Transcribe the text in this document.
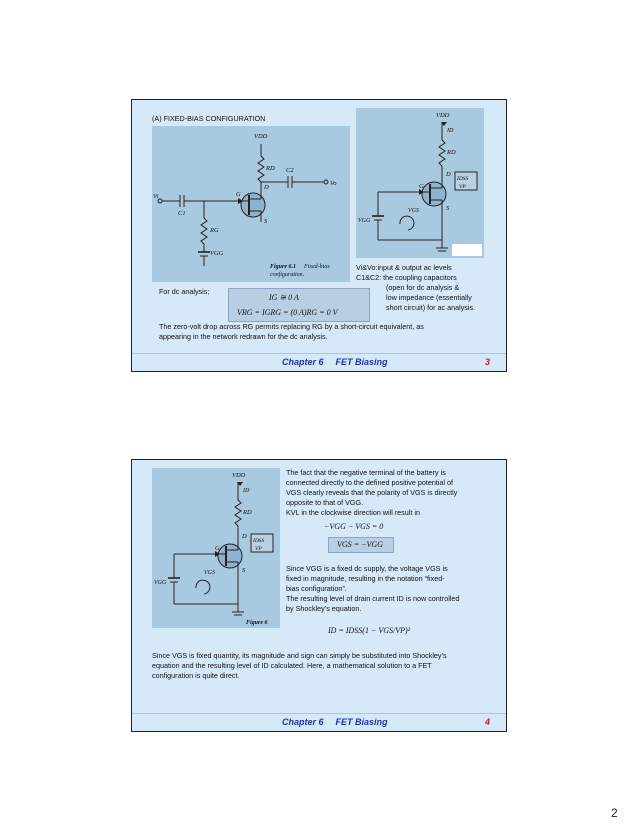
(A) FIXED-BIAS CONFIGURATION
VDD
RD
D
C2
Vo
Vi
C1
G
S
RG
VGG
Figure 6.1 Fixed-bias
configuration.
VDD
ID
RD
D
G
S
VGS
VGG
IDSS
VP
Vi&Vo:input & output ac levels
C1&C2: the coupling capacitors
(open for dc analysis &
low impedance (essentially
short circuit) for ac analysis.
For dc analysis;
IG ≅ 0 A
VRG = IGRG = (0 A)RG = 0 V
The zero-volt drop across RG permits replacing RG by a short-circuit equivalent, as
appearing in the network redrawn for the dc analysis.
Chapter 6 FET Biasing	3
VDD
ID
RD
D
G
S
VGS
VGG
IDSS
VP
Figure 6
The fact that the negative terminal of the battery is
connected directly to the defined positive potential of
VGS clearly reveals that the polarity of VGS is directly
opposite to that of VGG.
KVL in the clockwise direction will result in
−VGG − VGS = 0
VGS = −VGG
Since VGG is a fixed dc supply, the voltage VGS is
fixed in magnitude, resulting in the notation “fixed-
bias configuration”.
The resulting level of drain current ID is now controlled
by Shockley’s equation.
ID = IDSS(1 − VGS/VP)²
Since VGS is fixed quantity, its magnitude and sign can simply be substituted into Shockley’s
equation and the resulting level of ID calculated. Here, a mathematical solution to a FET
configuration is quite direct.
Chapter 6 FET Biasing	4
2
